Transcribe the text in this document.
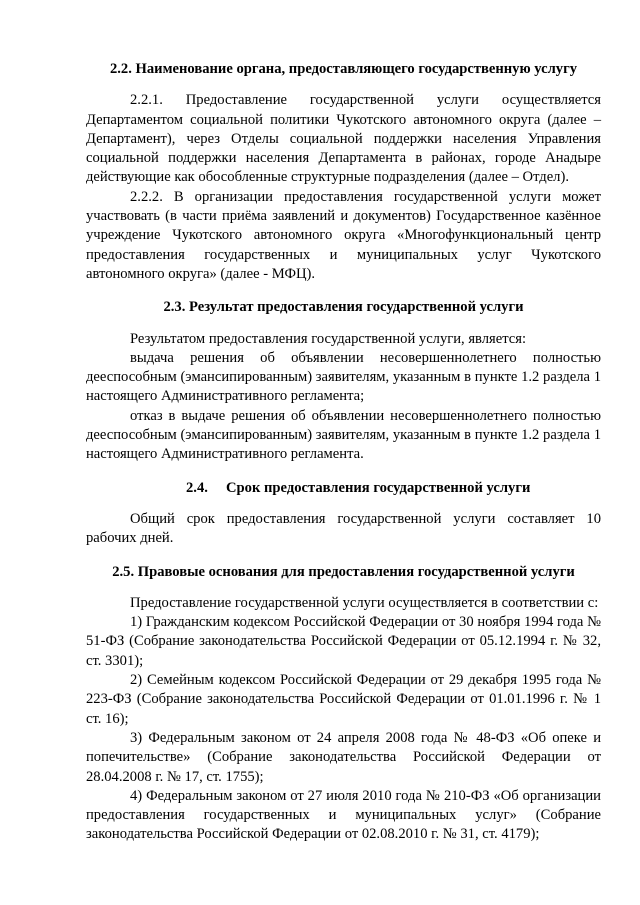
2.2. Наименование органа, предоставляющего государственную услугу

2.2.1. Предоставление государственной услуги осуществляется Департаментом социальной политики Чукотского автономного округа (далее – Департамент), через Отделы социальной поддержки населения Управления социальной поддержки населения Департамента в районах, городе Анадыре действующие как обособленные структурные подразделения (далее – Отдел).

2.2.2. В организации предоставления государственной услуги может участвовать (в части приёма заявлений и документов) Государственное казённое учреждение Чукотского автономного округа «Многофункциональный центр предоставления государственных и муниципальных услуг Чукотского автономного округа» (далее - МФЦ).

2.3. Результат предоставления государственной услуги

Результатом предоставления государственной услуги, является:

выдача решения об объявлении несовершеннолетнего полностью дееспособным (эмансипированным) заявителям, указанным в пункте 1.2 раздела 1 настоящего Административного регламента;

отказ в выдаче решения об объявлении несовершеннолетнего полностью дееспособным (эмансипированным) заявителям, указанным в пункте 1.2 раздела 1 настоящего Административного регламента.

2.4. Срок предоставления государственной услуги

Общий срок предоставления государственной услуги составляет 10 рабочих дней.

2.5. Правовые основания для предоставления государственной услуги

Предоставление государственной услуги осуществляется в соответствии с:

1) Гражданским кодексом Российской Федерации от 30 ноября 1994 года № 51-ФЗ (Собрание законодательства Российской Федерации от 05.12.1994 г. № 32, ст. 3301);

2) Семейным кодексом Российской Федерации от 29 декабря 1995 года № 223-ФЗ (Собрание законодательства Российской Федерации от 01.01.1996 г. № 1 ст. 16);

3) Федеральным законом от 24 апреля 2008 года № 48-ФЗ «Об опеке и попечительстве» (Собрание законодательства Российской Федерации от 28.04.2008 г. № 17, ст. 1755);

4) Федеральным законом от 27 июля 2010 года № 210-ФЗ «Об организации предоставления государственных и муниципальных услуг» (Собрание законодательства Российской Федерации от 02.08.2010 г. № 31, ст. 4179);
